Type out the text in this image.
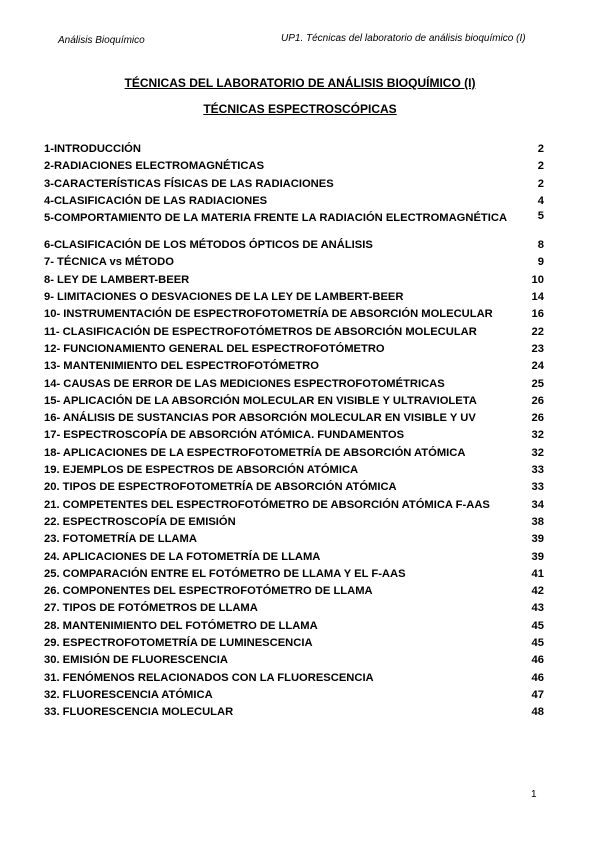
Análisis Bioquímico	UP1. Técnicas del laboratorio de análisis bioquímico (I)
TÉCNICAS DEL LABORATORIO DE ANÁLISIS BIOQUÍMICO (I)
TÉCNICAS ESPECTROSCÓPICAS
1-INTRODUCCIÓN	2
2-RADIACIONES ELECTROMAGNÉTICAS	2
3-CARACTERÍSTICAS FÍSICAS DE LAS RADIACIONES	2
4-CLASIFICACIÓN DE LAS RADIACIONES	4
5-COMPORTAMIENTO DE LA MATERIA FRENTE LA RADIACIÓN ELECTROMAGNÉTICA	5
6-CLASIFICACIÓN DE LOS MÉTODOS ÓPTICOS DE ANÁLISIS	8
7- TÉCNICA vs MÉTODO	9
8- LEY DE LAMBERT-BEER	10
9- LIMITACIONES O DESVACIONES DE LA LEY DE LAMBERT-BEER	14
10- INSTRUMENTACIÓN DE ESPECTROFOTOMETRÍA DE ABSORCIÓN MOLECULAR	16
11- CLASIFICACIÓN DE ESPECTROFOTÓMETROS DE ABSORCIÓN MOLECULAR	22
12- FUNCIONAMIENTO GENERAL DEL ESPECTROFOTÓMETRO	23
13- MANTENIMIENTO DEL ESPECTROFOTÓMETRO	24
14- CAUSAS DE ERROR DE LAS MEDICIONES ESPECTROFOTOMÉTRICAS	25
15- APLICACIÓN DE LA ABSORCIÓN MOLECULAR EN VISIBLE Y ULTRAVIOLETA	26
16- ANÁLISIS DE SUSTANCIAS POR ABSORCIÓN MOLECULAR EN VISIBLE Y UV	26
17- ESPECTROSCOPÍA DE ABSORCIÓN ATÓMICA. FUNDAMENTOS	32
18- APLICACIONES DE LA ESPECTROFOTOMETRÍA DE ABSORCIÓN ATÓMICA	32
19. EJEMPLOS DE ESPECTROS DE ABSORCIÓN ATÓMICA	33
20. TIPOS DE ESPECTROFOTOMETRÍA DE ABSORCIÓN ATÓMICA	33
21. COMPETENTES DEL ESPECTROFOTÓMETRO DE ABSORCIÓN ATÓMICA F-AAS	34
22. ESPECTROSCOPÍA DE EMISIÓN	38
23. FOTOMETRÍA DE LLAMA	39
24. APLICACIONES DE LA FOTOMETRÍA DE LLAMA	39
25. COMPARACIÓN ENTRE EL FOTÓMETRO DE LLAMA Y EL F-AAS	41
26. COMPONENTES DEL ESPECTROFOTÓMETRO DE LLAMA	42
27. TIPOS DE FOTÓMETROS DE LLAMA	43
28. MANTENIMIENTO DEL FOTÓMETRO DE LLAMA	45
29. ESPECTROFOTOMETRÍA DE LUMINESCENCIA	45
30. EMISIÓN DE FLUORESCENCIA	46
31. FENÓMENOS RELACIONADOS CON LA FLUORESCENCIA	46
32. FLUORESCENCIA ATÓMICA	47
33. FLUORESCENCIA MOLECULAR	48
1
